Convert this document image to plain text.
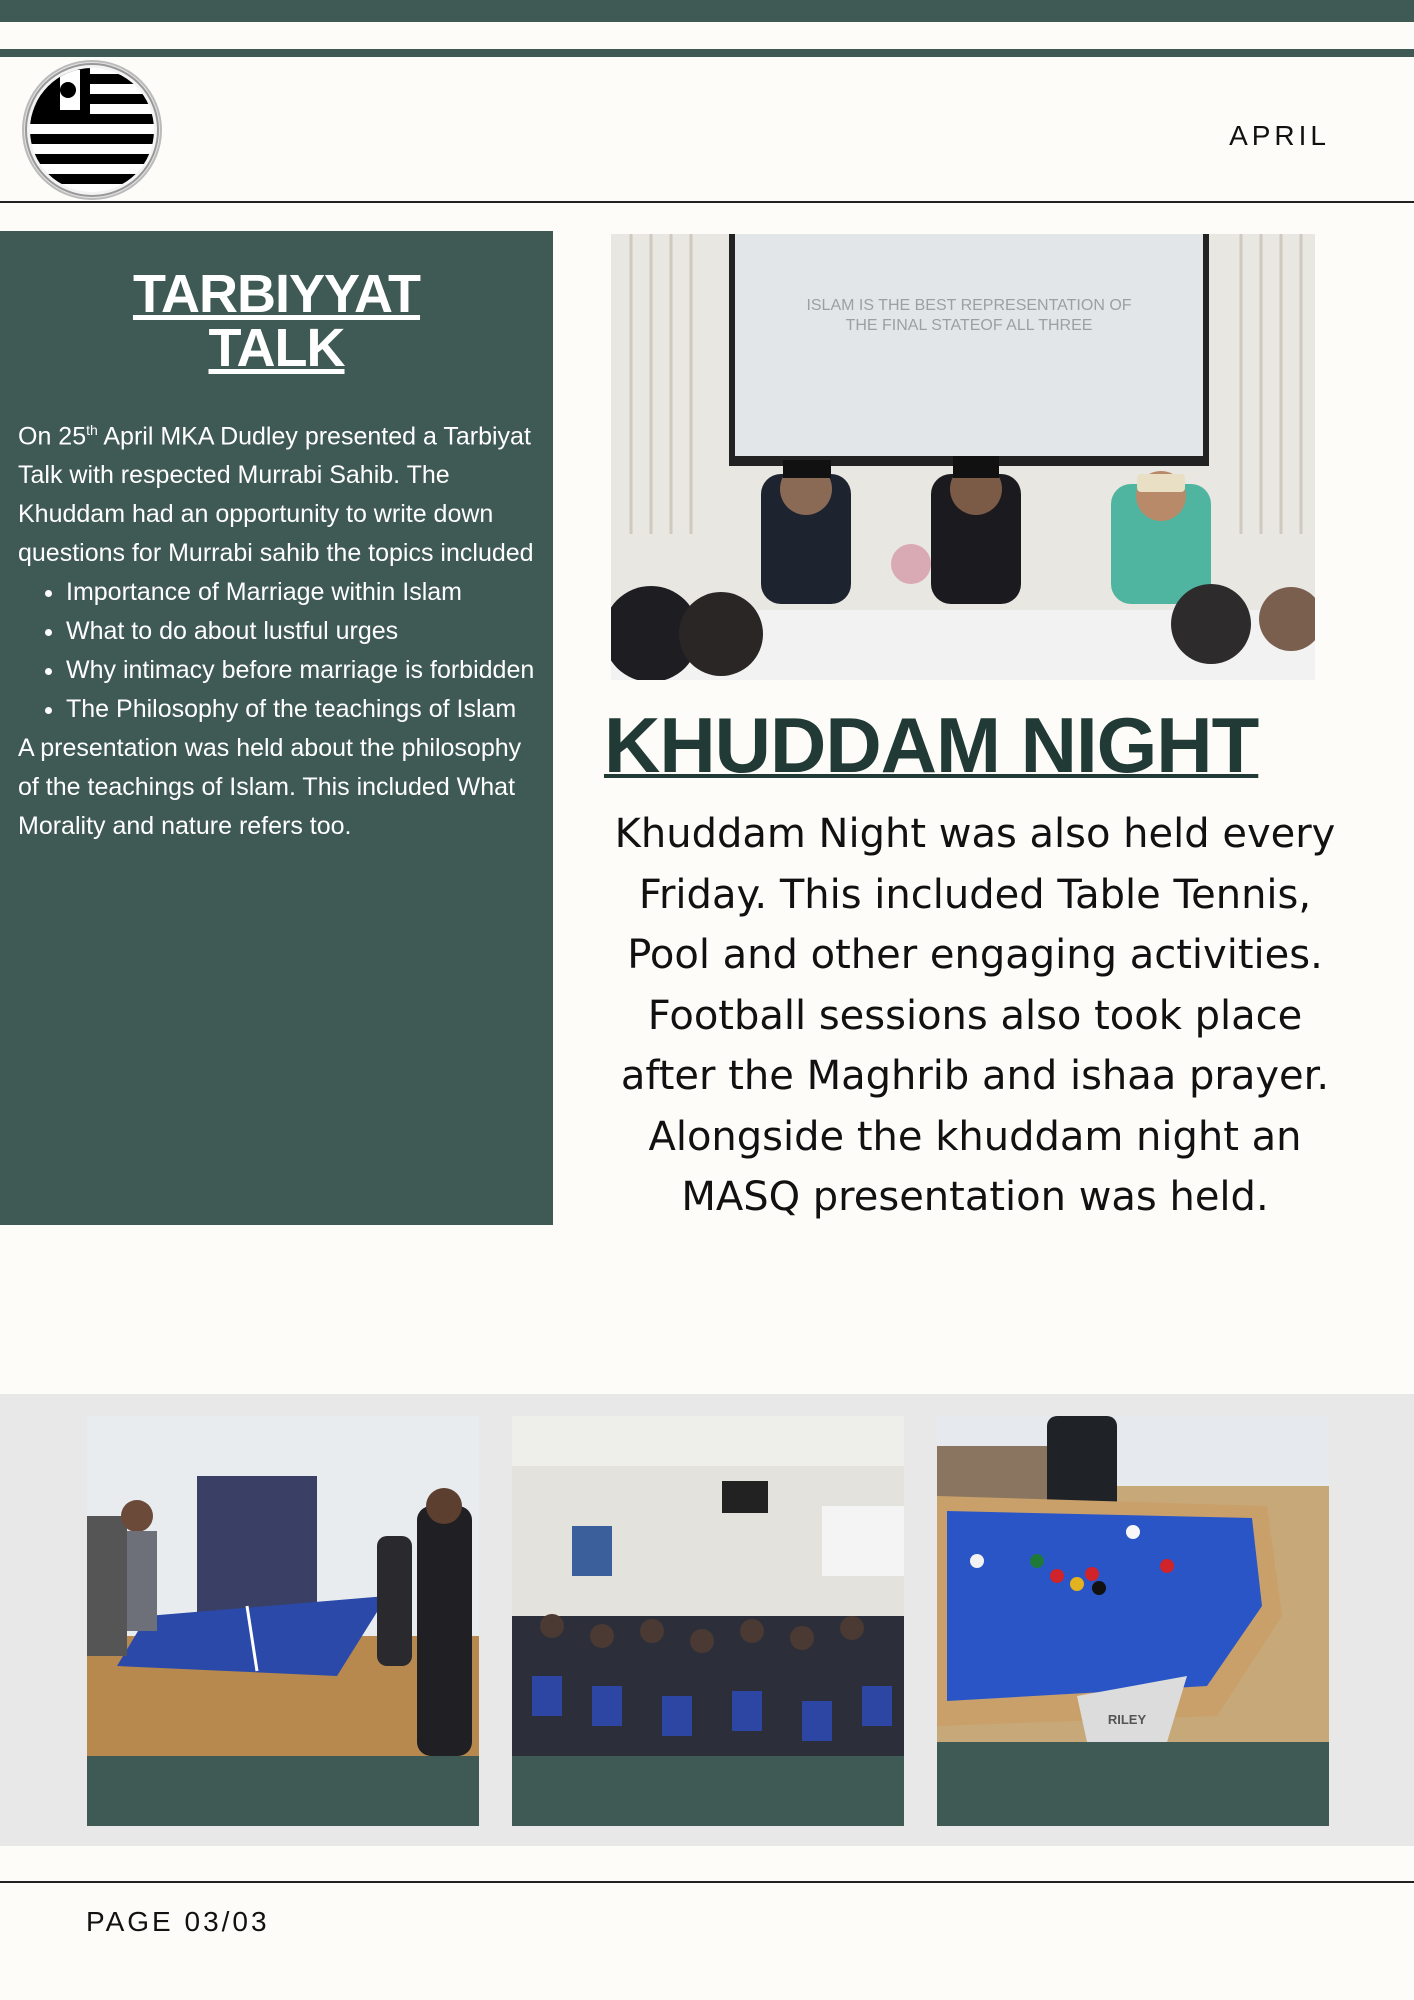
APRIL
TARBIYYAT
TALK

On 25th April MKA Dudley presented a Tarbiyat Talk with respected Murrabi Sahib. The Khuddam had an opportunity to write down questions for Murrabi sahib the topics included

• Importance of Marriage within Islam
• What to do about lustful urges
• Why intimacy before marriage is forbidden
• The Philosophy of the teachings of Islam

A presentation was held about the philosophy of the teachings of Islam. This included What Morality and nature refers too.

ISLAM IS THE BEST REPRESENTATION OF
THE FINAL STATEOF ALL THREE
KHUDDAM NIGHT
Khuddam Night was also held every Friday. This included Table Tennis, Pool and other engaging activities. Football sessions also took place after the Maghrib and ishaa prayer. Alongside the khuddam night an MASQ presentation was held.
RILEY
PAGE 03/03
